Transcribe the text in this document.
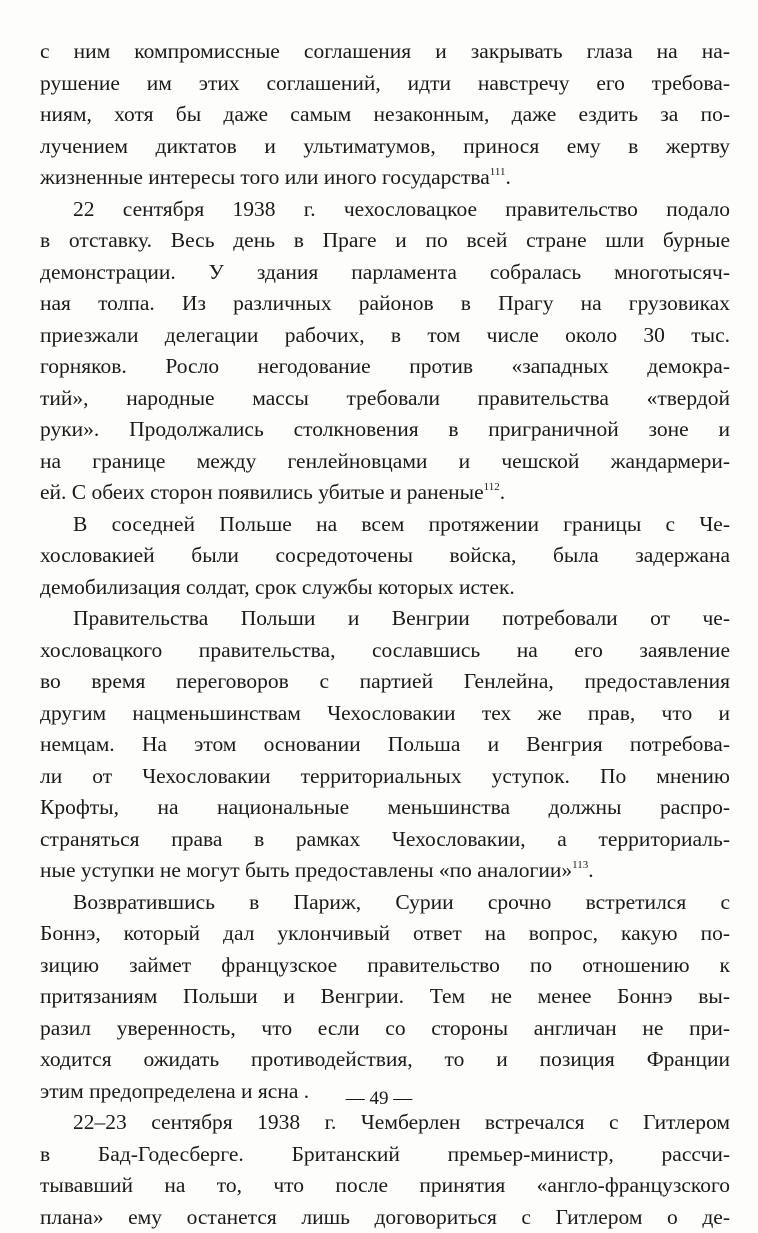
с ним компромиссные соглашения и закрывать глаза на на-
рушение им этих соглашений, идти навстречу его требова-
ниям, хотя бы даже самым незаконным, даже ездить за по-
лучением диктатов и ультиматумов, принося ему в жертву
жизненные интересы того или иного государства$^{111}$.
22 сентября 1938 г. чехословацкое правительство подало
в отставку. Весь день в Праге и по всей стране шли бурные
демонстрации. У здания парламента собралась многотысяч-
ная толпа. Из различных районов в Прагу на грузовиках
приезжали делегации рабочих, в том числе около 30 тыс.
горняков. Росло негодование против «западных демокра-
тий», народные массы требовали правительства «твердой
руки». Продолжались столкновения в приграничной зоне и
на границе между генлейновцами и чешской жандармери-
ей. С обеих сторон появились убитые и раненые$^{112}$.
В соседней Польше на всем протяжении границы с Че-
хословакией были сосредоточены войска, была задержана
демобилизация солдат, срок службы которых истек.
Правительства Польши и Венгрии потребовали от че-
хословацкого правительства, сославшись на его заявление
во время переговоров с партией Генлейна, предоставления
другим нацменьшинствам Чехословакии тех же прав, что и
немцам. На этом основании Польша и Венгрия потребова-
ли от Чехословакии территориальных уступок. По мнению
Крофты, на национальные меньшинства должны распро-
страняться права в рамках Чехословакии, а территориаль-
ные уступки не могут быть предоставлены «по аналогии»$^{113}$.
Возвратившись в Париж, Сурии срочно встретился с
Боннэ, который дал уклончивый ответ на вопрос, какую по-
зицию займет французское правительство по отношению к
притязаниям Польши и Венгрии. Тем не менее Боннэ вы-
разил уверенность, что если со стороны англичан не при-
ходится ожидать противодействия, то и позиция Франции
этим предопределена и ясна .
22–23 сентября 1938 г. Чемберлен встречался с Гитлером
в Бад-Годесберге. Британский премьер-министр, рассчи-
тывавший на то, что после принятия «англо-французского
плана» ему останется лишь договориться с Гитлером о де-
— 49 —
